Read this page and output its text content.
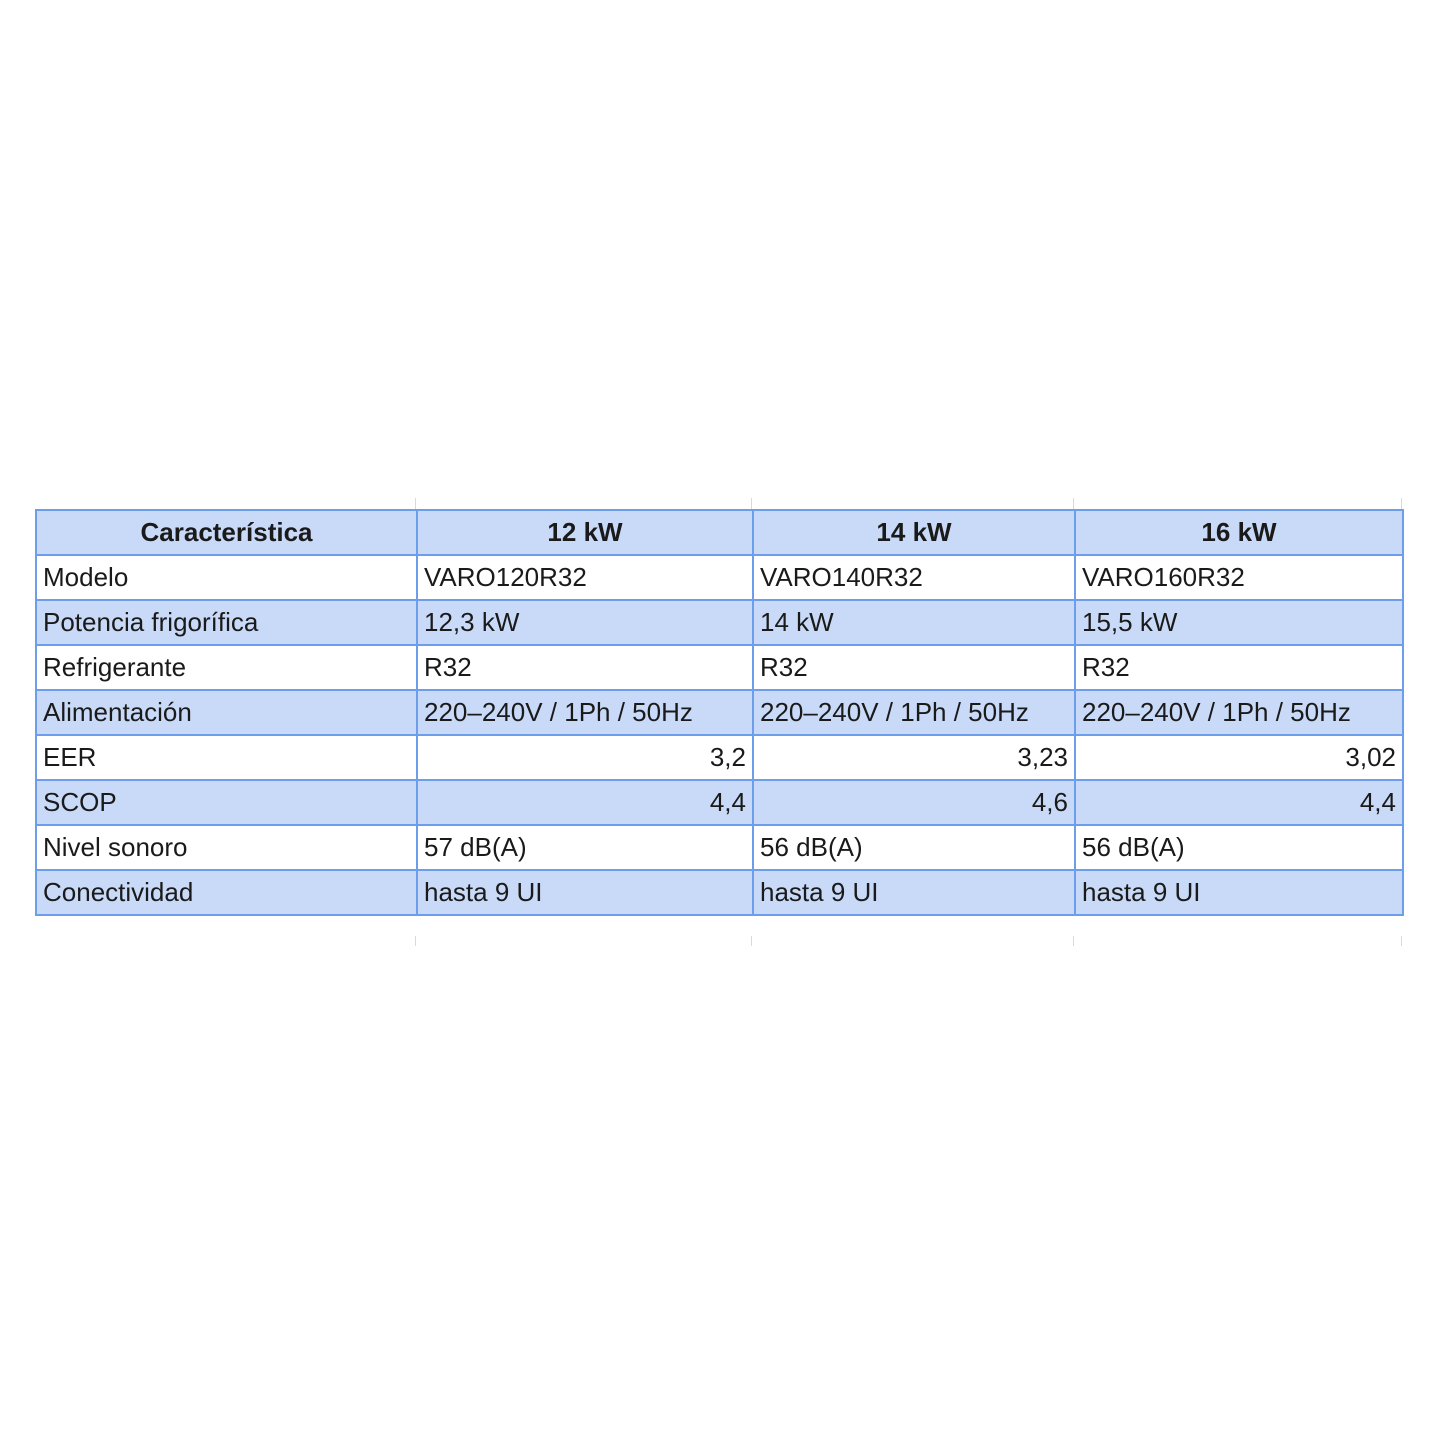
Característica	12 kW	14 kW	16 kW
Modelo	VARO120R32	VARO140R32	VARO160R32
Potencia frigorífica	12,3 kW	14 kW	15,5 kW
Refrigerante	R32	R32	R32
Alimentación	220–240V / 1Ph / 50Hz	220–240V / 1Ph / 50Hz	220–240V / 1Ph / 50Hz
EER	3,2	3,23	3,02
SCOP	4,4	4,6	4,4
Nivel sonoro	57 dB(A)	56 dB(A)	56 dB(A)
Conectividad	hasta 9 UI	hasta 9 UI	hasta 9 UI
